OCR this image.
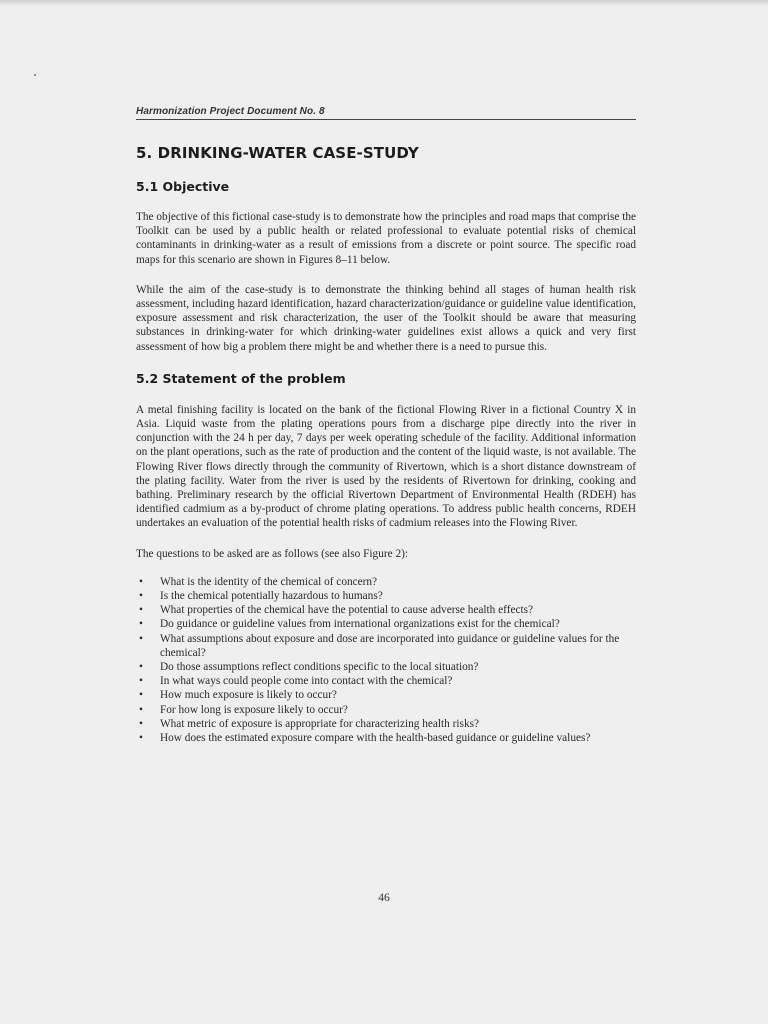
Harmonization Project Document No. 8
5. DRINKING-WATER CASE-STUDY
5.1 Objective

The objective of this fictional case-study is to demonstrate how the principles and road maps that comprise the Toolkit can be used by a public health or related professional to evaluate potential risks of chemical contaminants in drinking-water as a result of emissions from a discrete or point source. The specific road maps for this scenario are shown in Figures 8–11 below.

While the aim of the case-study is to demonstrate the thinking behind all stages of human health risk assessment, including hazard identification, hazard characterization/guidance or guideline value identification, exposure assessment and risk characterization, the user of the Toolkit should be aware that measuring substances in drinking-water for which drinking-water guidelines exist allows a quick and very first assessment of how big a problem there might be and whether there is a need to pursue this.

5.2 Statement of the problem

A metal finishing facility is located on the bank of the fictional Flowing River in a fictional Country X in Asia. Liquid waste from the plating operations pours from a discharge pipe directly into the river in conjunction with the 24 h per day, 7 days per week operating schedule of the facility. Additional information on the plant operations, such as the rate of production and the content of the liquid waste, is not available. The Flowing River flows directly through the community of Rivertown, which is a short distance downstream of the plating facility. Water from the river is used by the residents of Rivertown for drinking, cooking and bathing. Preliminary research by the official Rivertown Department of Environmental Health (RDEH) has identified cadmium as a by-product of chrome plating operations. To address public health concerns, RDEH undertakes an evaluation of the potential health risks of cadmium releases into the Flowing River.

The questions to be asked are as follows (see also Figure 2):

• What is the identity of the chemical of concern?
• Is the chemical potentially hazardous to humans?
• What properties of the chemical have the potential to cause adverse health effects?
• Do guidance or guideline values from international organizations exist for the chemical?
• What assumptions about exposure and dose are incorporated into guidance or guideline values for the chemical?
• Do those assumptions reflect conditions specific to the local situation?
• In what ways could people come into contact with the chemical?
• How much exposure is likely to occur?
• For how long is exposure likely to occur?
• What metric of exposure is appropriate for characterizing health risks?
• How does the estimated exposure compare with the health-based guidance or guideline values?
46
